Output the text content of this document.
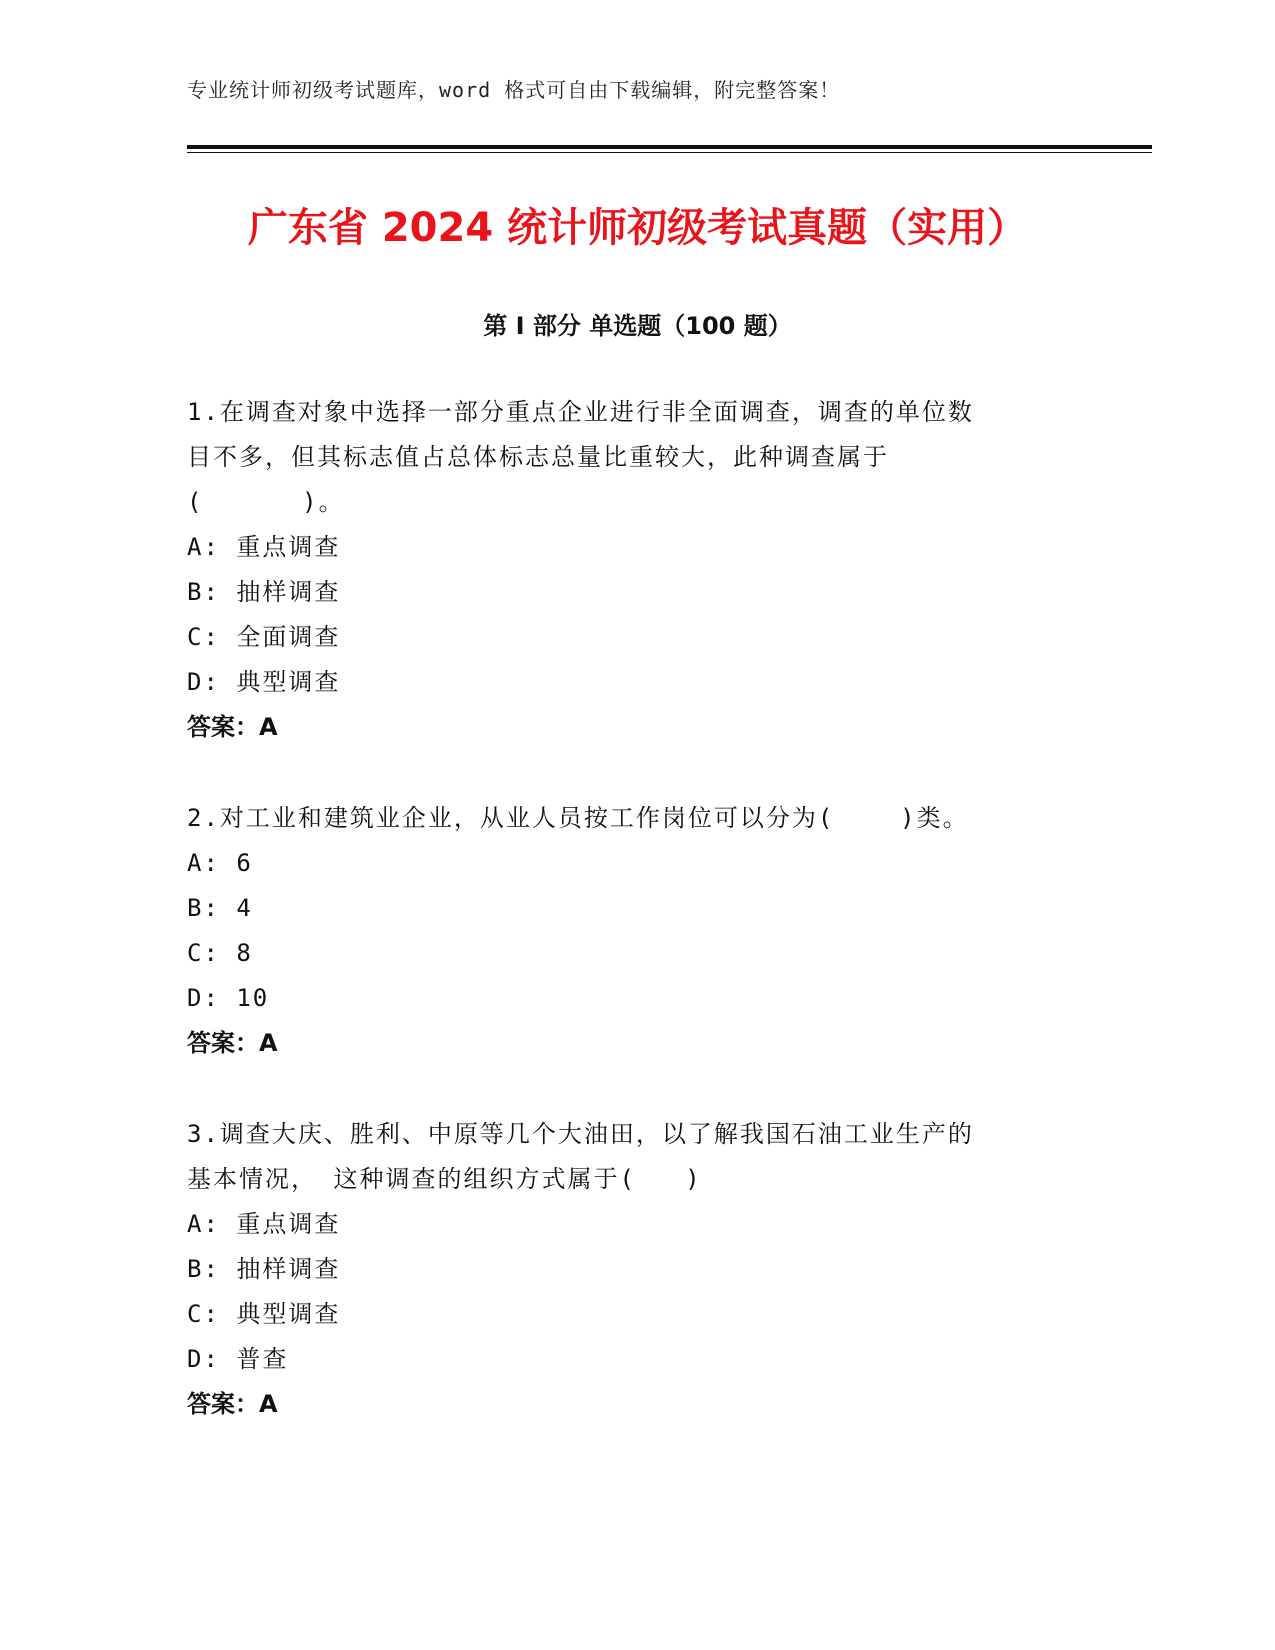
专业统计师初级考试题库，word 格式可自由下载编辑，附完整答案！
广东省 2024 统计师初级考试真题（实用）
第 I 部分 单选题（100 题）
1.在调查对象中选择一部分重点企业进行非全面调查，调查的单位数
目不多，但其标志值占总体标志总量比重较大，此种调查属于
(      )。
A: 重点调查
B: 抽样调查
C: 全面调查
D: 典型调查
答案：A
2.对工业和建筑业企业，从业人员按工作岗位可以分为(    )类。
A: 6
B: 4
C: 8
D: 10
答案：A
3.调查大庆、胜利、中原等几个大油田，以了解我国石油工业生产的
基本情况， 这种调查的组织方式属于(   )
A: 重点调查
B: 抽样调查
C: 典型调查
D: 普查
答案：A
